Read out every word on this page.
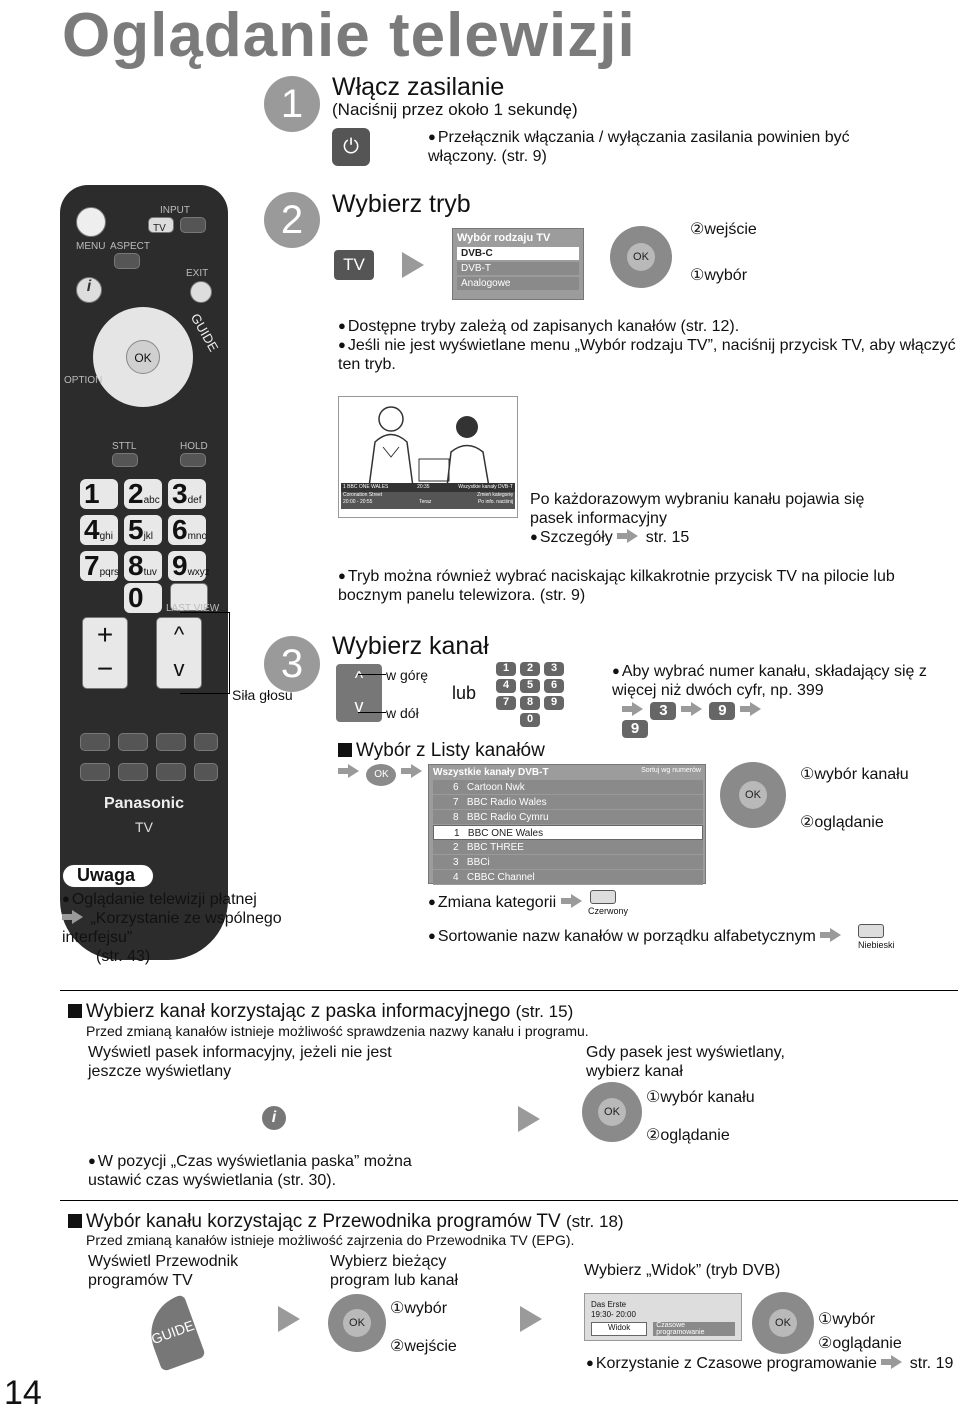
Oglądanie telewizji
INPUT
TV
MENU ASPECT
EXIT
i
OK
GUIDE
OPTION
STTL	HOLD
1	2abc 3def
4ghi 5jkl 6mno
7pqrs 8tuv 9wxyz
0	LAST VIEW
+
−
^
v
Panasonic
TV
Uwaga
● Oglądanie telewizji płatnej
„Korzystanie ze wspólnego interfejsu”
(str. 43)
1	Włącz zasilanie
(Naciśnij przez około 1 sekundę)
⏻
●	Przełącznik włączania / wyłączania zasilania powinien być włączony. (str. 9)
2	Wybierz tryb
TV
Wybór rodzaju TV
DVB-C
DVB-T
Analogowe
OK
②wejście
①wybór
● Dostępne tryby zależą od zapisanych kanałów (str. 12).
● Jeśli nie jest wyświetlane menu „Wybór rodzaju TV”, naciśnij przycisk TV, aby włączyć ten tryb.
1 BBC ONE WALES	20:35	Wszystkie kanały DVB-T
Coronation Street	Zmień kategorię
20:00 - 20:55	Teraz	Po info. naciśnij Po każdorazowym wybraniu kanału pojawia się pasek informacyjny
● Szczegóły str. 15
● Tryb można również wybrać naciskając kilkakrotnie przycisk TV na pilocie lub bocznym panelu telewizora. (str. 9)
3
Siła głosu
Wybierz kanał
^
v
w górę
w dół
lub
1	2	3
4	5	6
7	8	9
0
● Aby wybrać numer kanału, składający się z więcej niż dwóch cyfr, np. 399
3	9  9
Wybór z Listy kanałów
OK	Wszystkie kanały DVB-T	Sortuj wg numerów
6 Cartoon Nwk
7 BBC Radio Wales
8 BBC Radio Cymru
1 BBC ONE Wales
2 BBC THREE
3 BBCi
4 CBBC Channel
OK
①wybór kanału
②oglądanie
● Zmiana kategorii	Czerwony
● Sortowanie nazw kanałów w porządku alfabetycznym	Niebieski
Wybierz kanał korzystając z paska informacyjnego (str. 15)
Przed zmianą kanałów istnieje możliwość sprawdzenia nazwy kanału i programu.
Wyświetl pasek informacyjny, jeżeli nie jest jeszcze wyświetlany
Gdy pasek jest wyświetlany, wybierz kanał
i	OK
①wybór kanału
②oglądanie
● W pozycji „Czas wyświetlania paska” można ustawić czas wyświetlania (str. 30).
Wybór kanału korzystając z Przewodnika programów TV (str. 18)
Przed zmianą kanałów istnieje możliwość zajrzenia do Przewodnika TV (EPG).
Wyświetl Przewodnik programów TV
Wybierz bieżący program lub kanał
Wybierz „Widok” (tryb DVB)
GUIDE	OK
①wybór
②wejście
Das Erste
19:30- 20:00
Widok	Czasowe programowanie
OK	①wybór
②oglądanie
● Korzystanie z Czasowe programowanie str. 19
14
